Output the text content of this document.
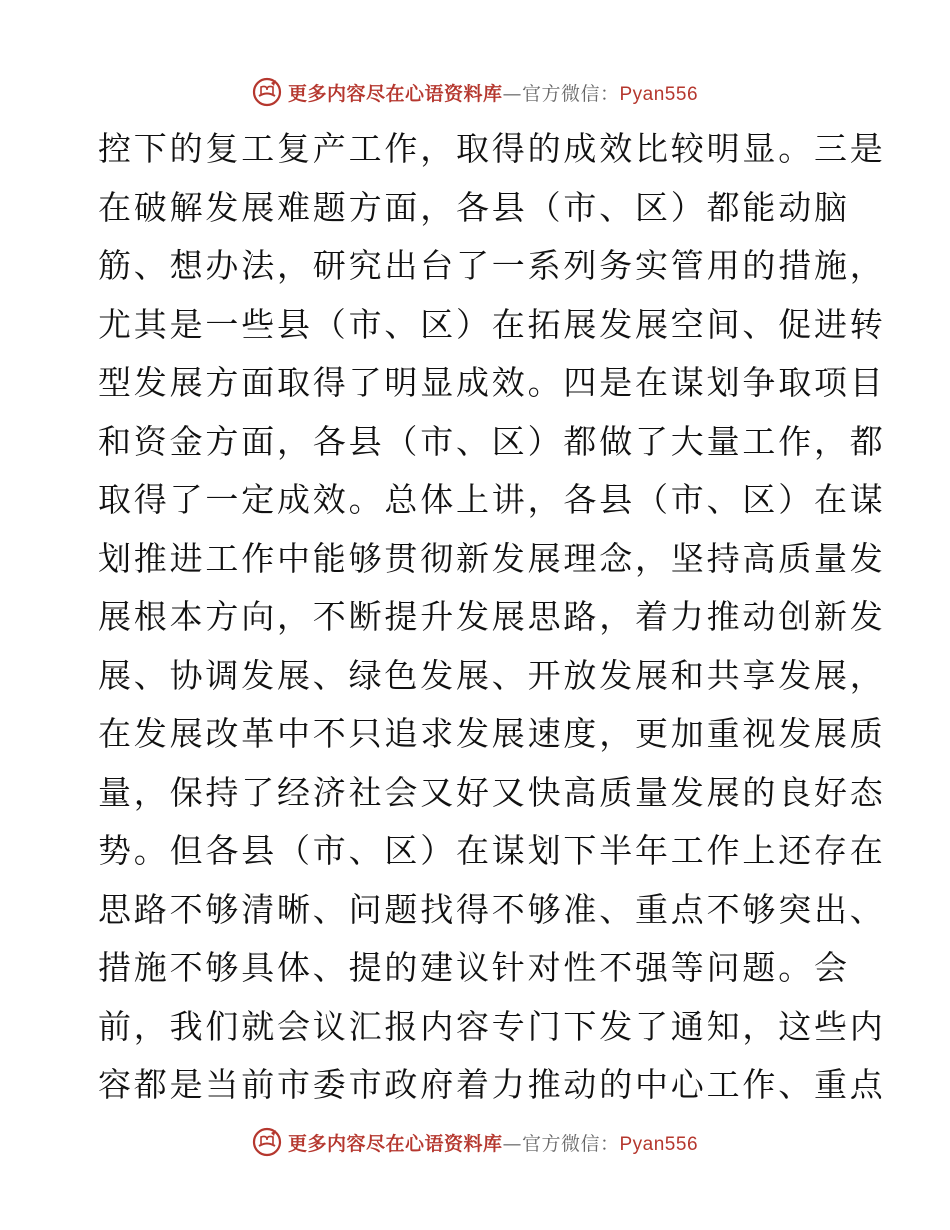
更多内容尽在心语资料库—官方微信：Pyan556
控下的复工复产工作，取得的成效比较明显。三是
在破解发展难题方面，各县（市、区）都能动脑
筋、想办法，研究出台了一系列务实管用的措施，
尤其是一些县（市、区）在拓展发展空间、促进转
型发展方面取得了明显成效。四是在谋划争取项目
和资金方面，各县（市、区）都做了大量工作，都
取得了一定成效。总体上讲，各县（市、区）在谋
划推进工作中能够贯彻新发展理念，坚持高质量发
展根本方向，不断提升发展思路，着力推动创新发
展、协调发展、绿色发展、开放发展和共享发展，
在发展改革中不只追求发展速度，更加重视发展质
量，保持了经济社会又好又快高质量发展的良好态
势。但各县（市、区）在谋划下半年工作上还存在
思路不够清晰、问题找得不够准、重点不够突出、
措施不够具体、提的建议针对性不强等问题。会
前，我们就会议汇报内容专门下发了通知，这些内
容都是当前市委市政府着力推动的中心工作、重点
更多内容尽在心语资料库—官方微信：Pyan556
